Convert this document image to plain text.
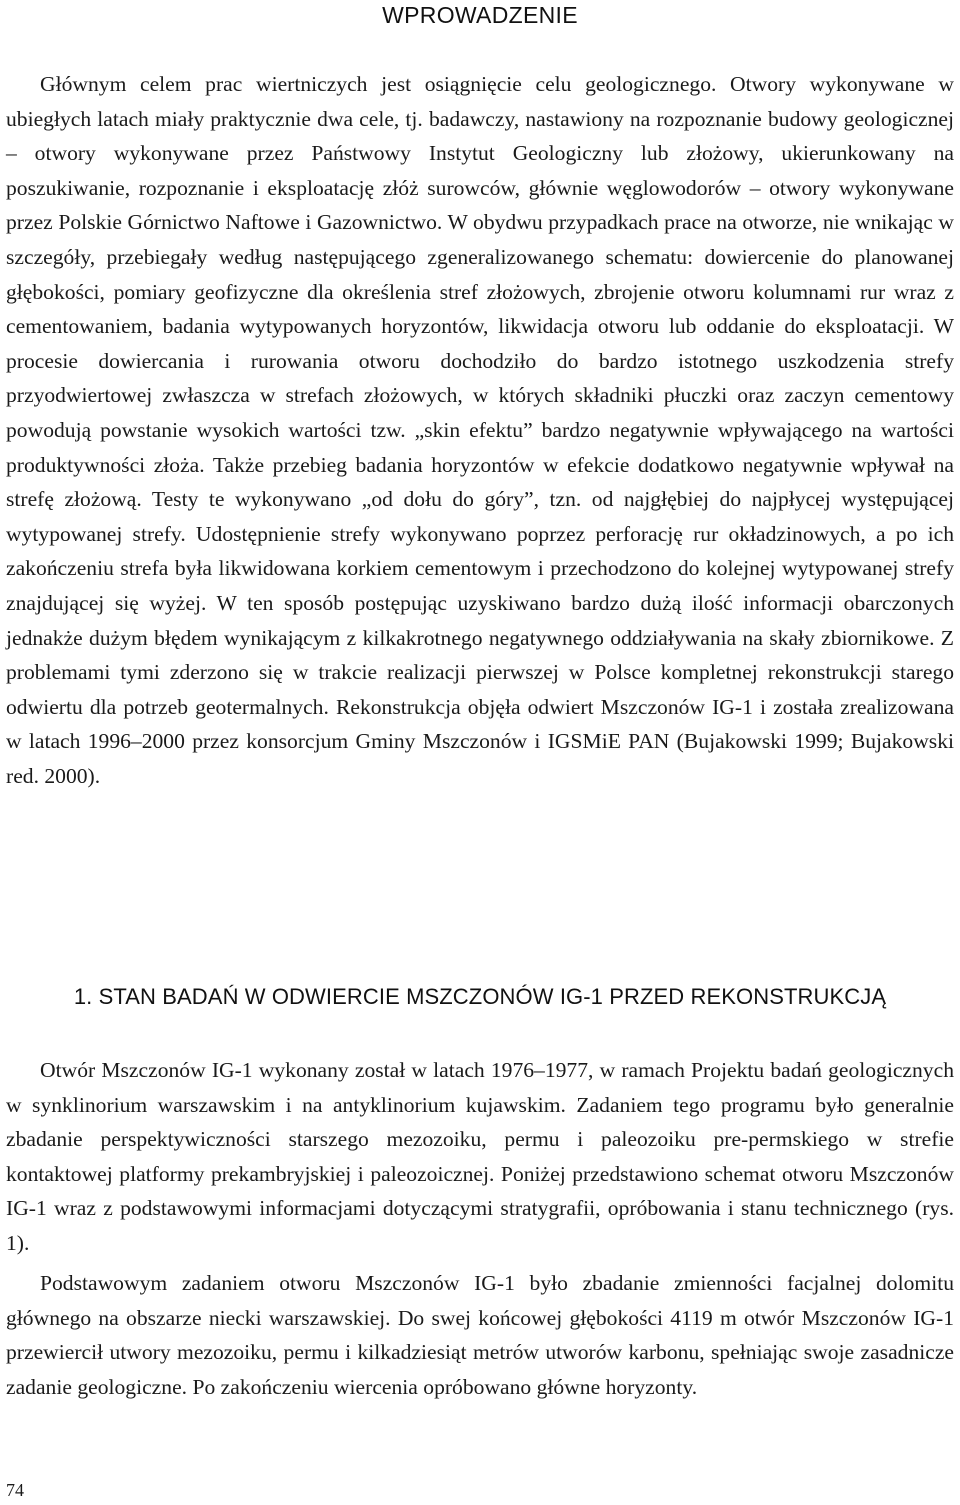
WPROWADZENIE

Głównym celem prac wiertniczych jest osiągnięcie celu geologicznego. Otwory wykonywane w ubiegłych latach miały praktycznie dwa cele, tj. badawczy, nastawiony na rozpoznanie budowy geologicznej – otwory wykonywane przez Państwowy Instytut Geologiczny lub złożowy, ukierunkowany na poszukiwanie, rozpoznanie i eksploatację złóż surowców, głównie węglowodorów – otwory wykonywane przez Polskie Górnictwo Naftowe i Gazownictwo. W obydwu przypadkach prace na otworze, nie wnikając w szczegóły, przebiegały według następującego zgeneralizowanego schematu: dowiercenie do planowanej głębokości, pomiary geofizyczne dla określenia stref złożowych, zbrojenie otworu kolumnami rur wraz z cementowaniem, badania wytypowanych horyzontów, likwidacja otworu lub oddanie do eksploatacji. W procesie dowiercania i rurowania otworu dochodziło do bardzo istotnego uszkodzenia strefy przyodwiertowej zwłaszcza w strefach złożowych, w których składniki płuczki oraz zaczyn cementowy powodują powstanie wysokich wartości tzw. „skin efektu” bardzo negatywnie wpływającego na wartości produktywności złoża. Także przebieg badania horyzontów w efekcie dodatkowo negatywnie wpływał na strefę złożową. Testy te wykonywano „od dołu do góry”, tzn. od najgłębiej do najpłycej występującej wytypowanej strefy. Udostępnienie strefy wykonywano poprzez perforację rur okładzinowych, a po ich zakończeniu strefa była likwidowana korkiem cementowym i przechodzono do kolejnej wytypowanej strefy znajdującej się wyżej. W ten sposób postępując uzyskiwano bardzo dużą ilość informacji obarczonych jednakże dużym błędem wynikającym z kilkakrotnego negatywnego oddziaływania na skały zbiornikowe. Z problemami tymi zderzono się w trakcie realizacji pierwszej w Polsce kompletnej rekonstrukcji starego odwiertu dla potrzeb geotermalnych. Rekonstrukcja objęła odwiert Mszczonów IG-1 i została zrealizowana w latach 1996–2000 przez konsorcjum Gminy Mszczonów i IGSMiE PAN (Bujakowski 1999; Bujakowski red. 2000).

1. STAN BADAŃ W ODWIERCIE MSZCZONÓW IG-1 PRZED REKONSTRUKCJĄ

Otwór Mszczonów IG-1 wykonany został w latach 1976–1977, w ramach Projektu badań geologicznych w synklinorium warszawskim i na antyklinorium kujawskim. Zadaniem tego programu było generalnie zbadanie perspektywiczności starszego mezozoiku, permu i paleozoiku pre-permskiego w strefie kontaktowej platformy prekambryjskiej i paleozoicznej. Poniżej przedstawiono schemat otworu Mszczonów IG-1 wraz z podstawowymi informacjami dotyczącymi stratygrafii, opróbowania i stanu technicznego (rys. 1).

Podstawowym zadaniem otworu Mszczonów IG-1 było zbadanie zmienności facjalnej dolomitu głównego na obszarze niecki warszawskiej. Do swej końcowej głębokości 4119 m otwór Mszczonów IG-1 przewiercił utwory mezozoiku, permu i kilkadziesiąt metrów utworów karbonu, spełniając swoje zasadnicze zadanie geologiczne. Po zakończeniu wiercenia opróbowano główne horyzonty.

74
